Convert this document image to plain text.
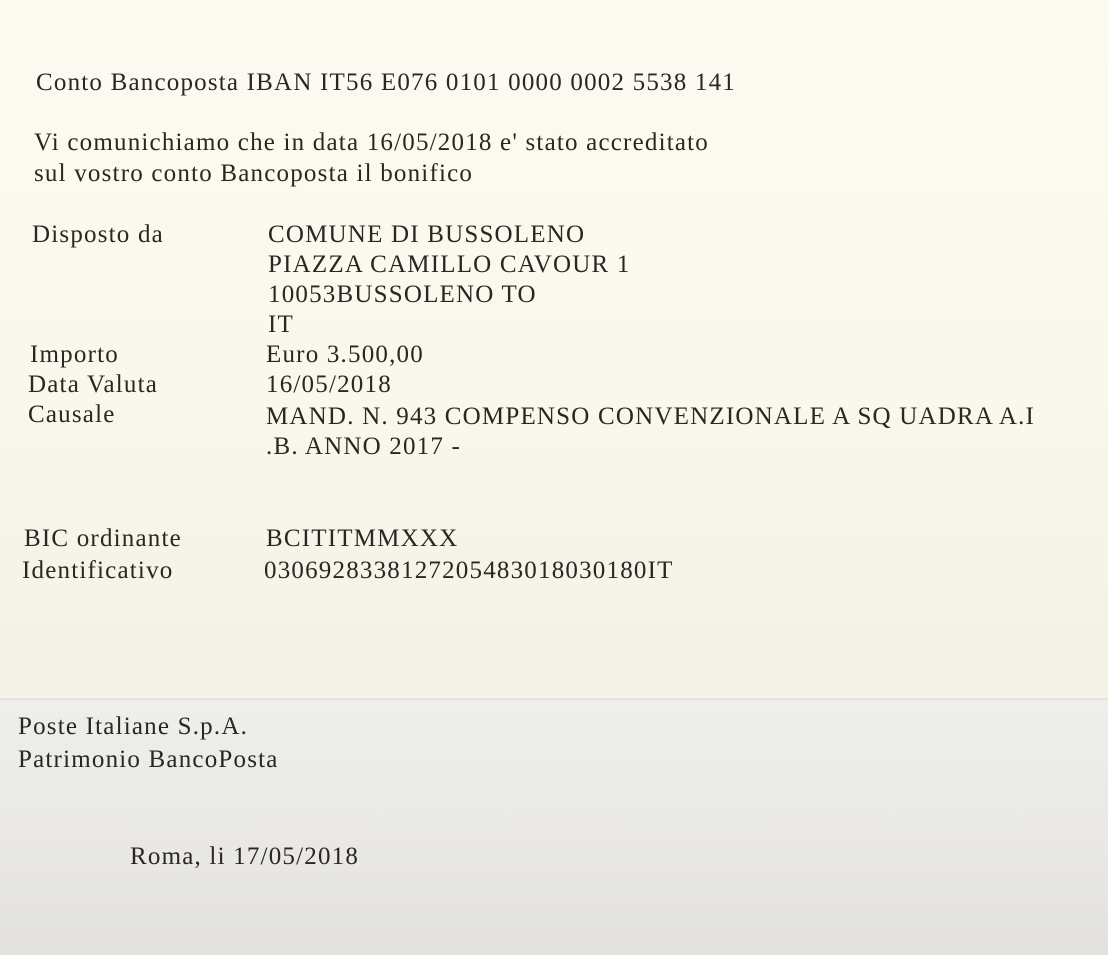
Conto Bancoposta IBAN IT56 E076 0101 0000 0002 5538 141

Vi comunichiamo che in data 16/05/2018 e' stato accreditato

sul vostro conto Bancoposta il bonifico

Disposto da	COMUNE DI BUSSOLENO
PIAZZA CAMILLO CAVOUR 1
10053BUSSOLENO TO
IT
Importo	Euro 3.500,00
Data Valuta	16/05/2018
Causale	MAND. N. 943 COMPENSO CONVENZIONALE A SQ UADRA A.I
.B. ANNO 2017 -
BIC ordinante	BCITITMMXXX
Identificativo	0306928338127205483018030180IT

Poste Italiane S.p.A.

Patrimonio BancoPosta

Roma, li 17/05/2018
